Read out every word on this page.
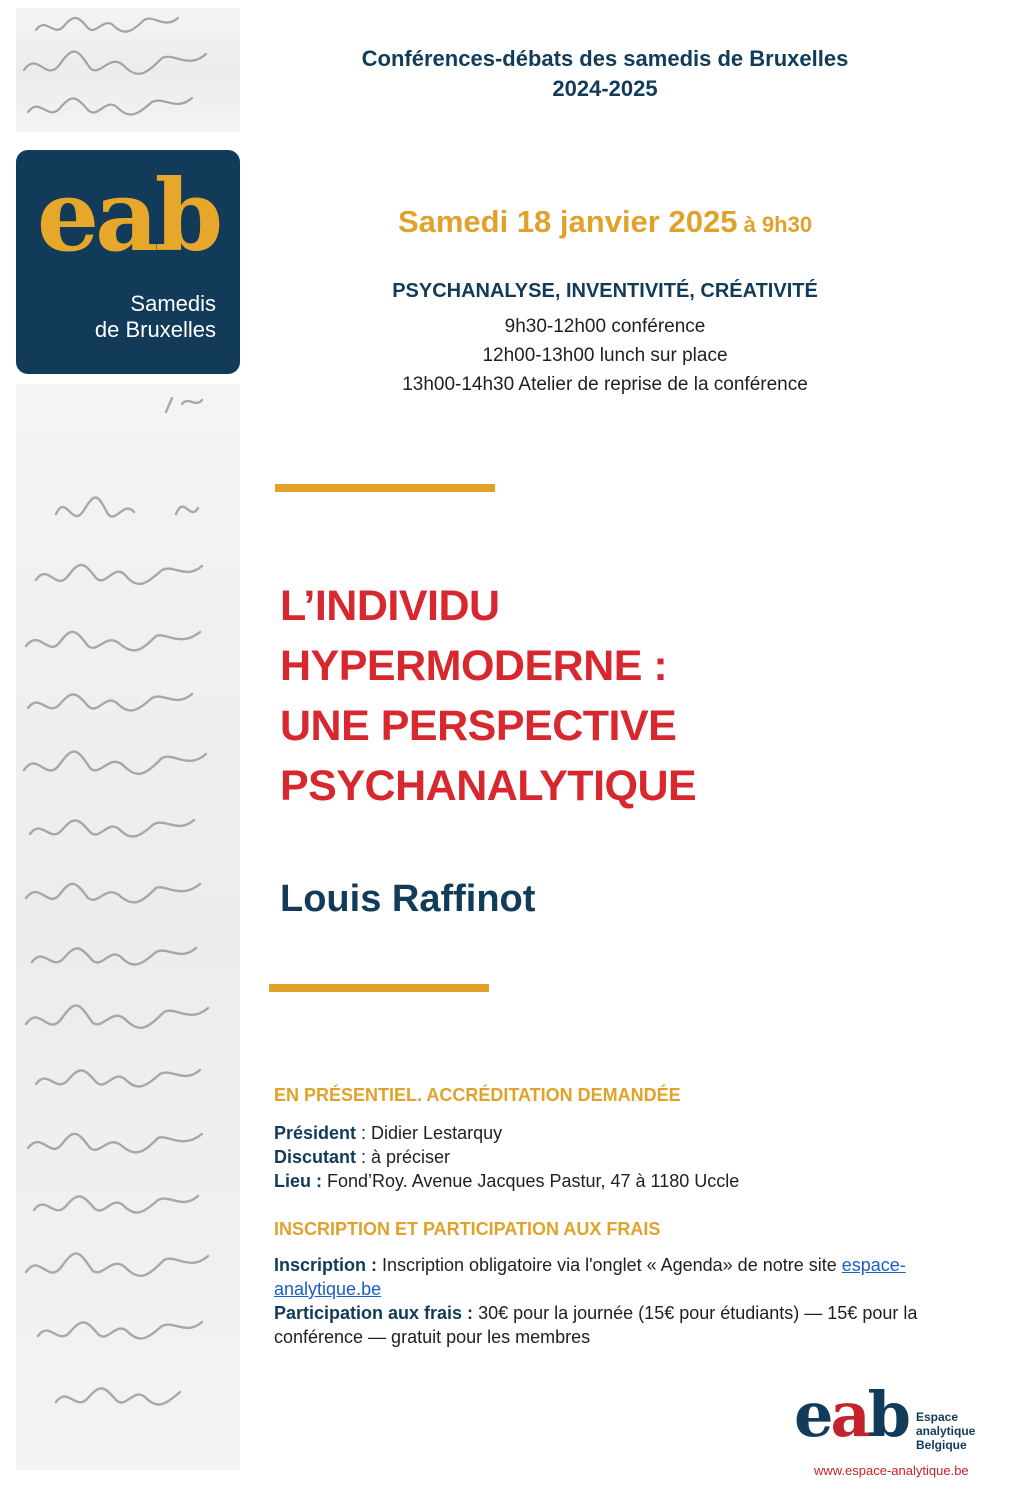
eab
Samedis
de Bruxelles
Conférences-débats des samedis de Bruxelles
2024-2025
Samedi 18 janvier 2025 à 9h30
PSYCHANALYSE, INVENTIVITÉ, CRÉATIVITÉ
9h30-12h00 conférence
12h00-13h00 lunch sur place
13h00-14h30 Atelier de reprise de la conférence
L’INDIVIDU
HYPERMODERNE :
UNE PERSPECTIVE
PSYCHANALYTIQUE
Louis Raffinot
EN PRÉSENTIEL. ACCRÉDITATION DEMANDÉE
Président : Didier Lestarquy
Discutant : à préciser
Lieu : Fond’Roy. Avenue Jacques Pastur, 47 à 1180 Uccle
INSCRIPTION ET PARTICIPATION AUX FRAIS
Inscription : Inscription obligatoire via l'onglet « Agenda» de notre site espace-
analytique.be
Participation aux frais : 30€ pour la journée (15€ pour étudiants) — 15€ pour la conférence — gratuit pour les membres
eab Espace
analytique
Belgique
www.espace-analytique.be
